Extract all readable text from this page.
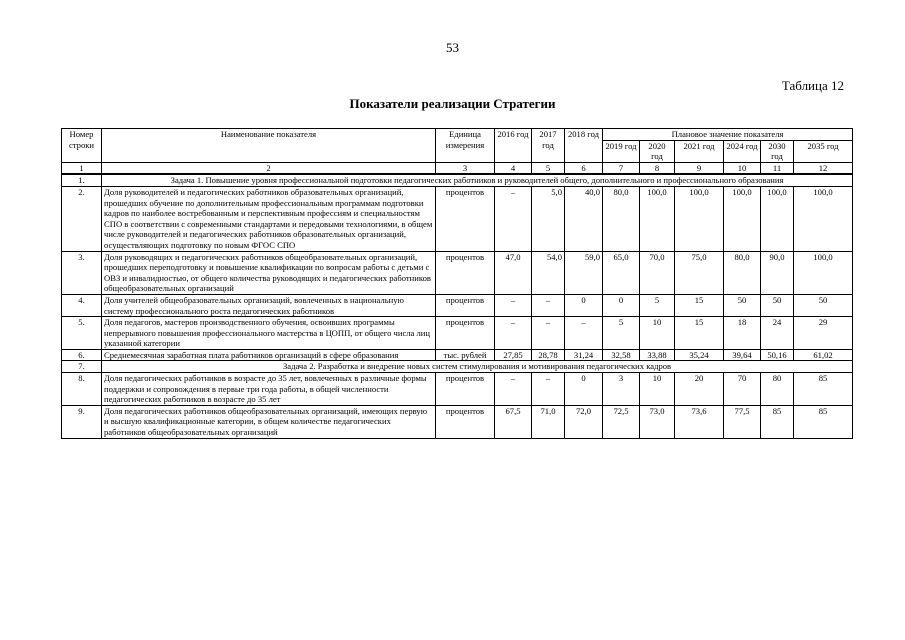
53
Таблица 12
Показатели реализации Стратегии
Номер строки	Наименование показателя	Единица измерения	2016 год	2017 год	2018 год	Плановое значение показателя					
						2019 год	2020 год	2021 год	2024 год	2030 год	2035 год
1	2	3	4	5	6	7	8	9	10	11	12
1.	Задача 1. Повышение уровня профессиональной подготовки педагогических работников и руководителей общего, дополнительного и профессионального образования										
2.	Доля руководителей и педагогических работников образовательных организаций, прошедших обучение по дополнительным профессиональным программам подготовки кадров по наиболее востребованным и перспективным профессиям и специальностям СПО в соответствии с современными стандартами и передовыми технологиями, в общем числе руководителей и педагогических работников образовательных организаций, осуществляющих подготовку по новым ФГОС СПО	процентов	–	5,0	40,0	80,0	100,0	100,0	100,0	100,0	100,0
3.	Доля руководящих и педагогических работников общеобразовательных организаций, прошедших переподготовку и повышение квалификации по вопросам работы с детьми с ОВЗ и инвалидностью, от общего количества руководящих и педагогических работников общеобразовательных организаций	процентов	47,0	54,0	59,0	65,0	70,0	75,0	80,0	90,0	100,0
4.	Доля учителей общеобразовательных организаций, вовлеченных в национальную систему профессионального роста педагогических работников	процентов	–	–	0	0	5	15	50	50	50
5.	Доля педагогов, мастеров производственного обучения, освоивших программы непрерывного повышения профессионального мастерства в ЦОПП, от общего числа лиц указанной категории	процентов	–	–	–	5	10	15	18	24	29
6.	Среднемесячная заработная плата работников организаций в сфере образования	тыс. рублей	27,85	28,78	31,24	32,58	33,88	35,24	39,64	50,16	61,02
7.	Задача 2. Разработка и внедрение новых систем стимулирования и мотивирования педагогических кадров										
8.	Доля педагогических работников в возрасте до 35 лет, вовлеченных в различные формы поддержки и сопровождения в первые три года работы, в общей численности педагогических работников в возрасте до 35 лет	процентов	–	–	0	3	10	20	70	80	85
9.	Доля педагогических работников общеобразовательных организаций, имеющих первую и высшую квалификационные категории, в общем количестве педагогических работников общеобразовательных организаций	процентов	67,5	71,0	72,0	72,5	73,0	73,6	77,5	85	85
